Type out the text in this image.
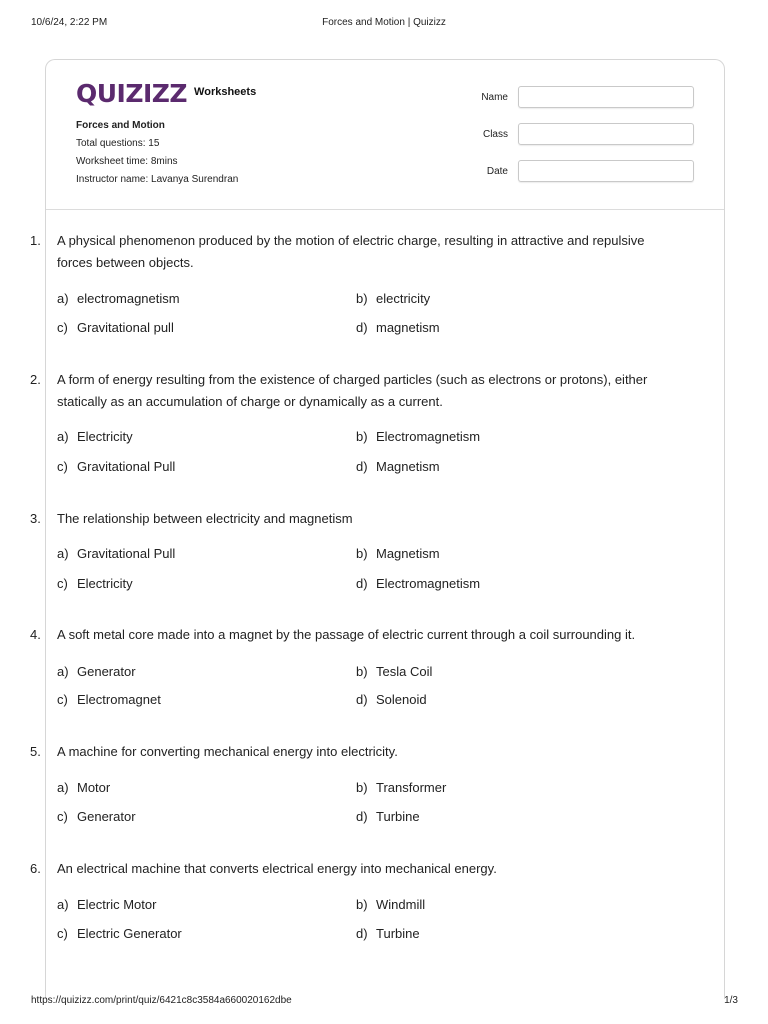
10/6/24, 2:22 PM	Forces and Motion | Quizizz
QUIZIZZ Worksheets
Forces and Motion
Total questions: 15
Worksheet time: 8mins
Instructor name: Lavanya Surendran
Name
Class
Date
1. A physical phenomenon produced by the motion of electric charge, resulting in attractive and repulsive forces between objects.
a) electromagnetism	b) electricity
c) Gravitational pull	d) magnetism
2. A form of energy resulting from the existence of charged particles (such as electrons or protons), either statically as an accumulation of charge or dynamically as a current.
a) Electricity	b) Electromagnetism
c) Gravitational Pull	d) Magnetism
3. The relationship between electricity and magnetism
a) Gravitational Pull	b) Magnetism
c) Electricity	d) Electromagnetism
4. A soft metal core made into a magnet by the passage of electric current through a coil surrounding it.
a) Generator	b) Tesla Coil
c) Electromagnet	d) Solenoid
5. A machine for converting mechanical energy into electricity.
a) Motor	b) Transformer
c) Generator	d) Turbine
6. An electrical machine that converts electrical energy into mechanical energy.
a) Electric Motor	b) Windmill
c) Electric Generator	d) Turbine
https://quizizz.com/print/quiz/6421c8c3584a660020162dbe	1/3
